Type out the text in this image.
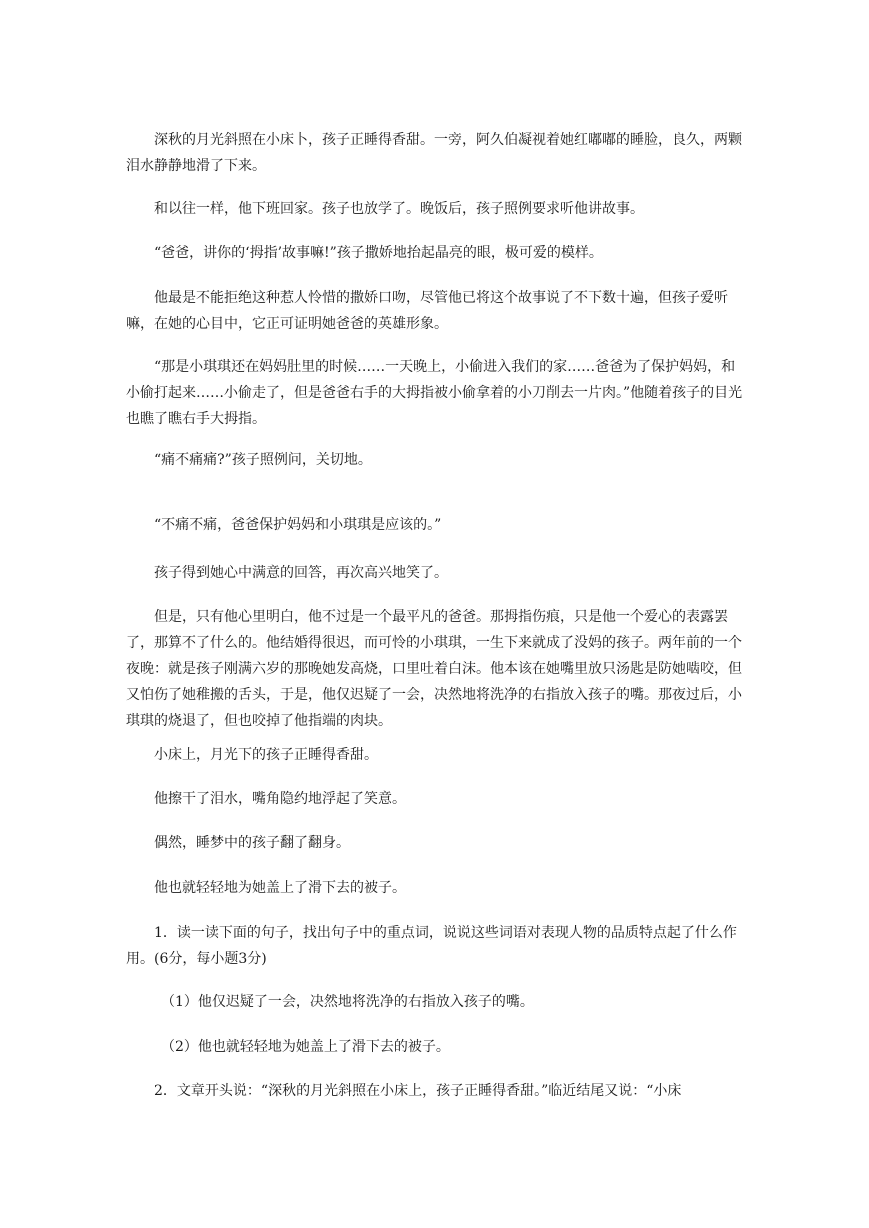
深秋的月光斜照在小床卜，孩子正睡得香甜。一旁，阿久伯凝视着她红嘟嘟的睡脸，良久，两颗泪水静静地滑了下来。

和以往一样，他下班回家。孩子也放学了。晚饭后，孩子照例要求听他讲故事。

“爸爸，讲你的‘拇指’故事嘛!”孩子撒娇地抬起晶亮的眼，极可爱的模样。

他最是不能拒绝这种惹人怜惜的撒娇口吻，尽管他已将这个故事说了不下数十遍，但孩子爱听嘛，在她的心目中，它正可证明她爸爸的英雄形象。

“那是小琪琪还在妈妈肚里的时候……一天晚上，小偷进入我们的家……爸爸为了保护妈妈，和小偷打起来……小偷走了，但是爸爸右手的大拇指被小偷拿着的小刀削去一片肉。”他随着孩子的目光也瞧了瞧右手大拇指。

“痛不痛痛?”孩子照例问，关切地。

“不痛不痛，爸爸保护妈妈和小琪琪是应该的。”

孩子得到她心中满意的回答，再次高兴地笑了。

但是，只有他心里明白，他不过是一个最平凡的爸爸。那拇指伤痕，只是他一个爱心的表露罢了，那算不了什么的。他结婚得很迟，而可怜的小琪琪，一生下来就成了没妈的孩子。两年前的一个夜晚：就是孩子刚满六岁的那晚她发高烧，口里吐着白沫。他本该在她嘴里放只汤匙是防她啮咬，但又怕伤了她稚搬的舌头，于是，他仅迟疑了一会，决然地将洗净的右指放入孩子的嘴。那夜过后，小琪琪的烧退了，但也咬掉了他指端的肉块。

小床上，月光下的孩子正睡得香甜。

他擦干了泪水，嘴角隐约地浮起了笑意。

偶然，睡梦中的孩子翻了翻身。

他也就轻轻地为她盖上了滑下去的被子。

1．读一读下面的句子，找出句子中的重点词，说说这些词语对表现人物的品质特点起了什么作用。(6分，每小题3分)

（1）他仅迟疑了一会，决然地将洗净的右指放入孩子的嘴。

（2）他也就轻轻地为她盖上了滑下去的被子。

2．文章开头说：“深秋的月光斜照在小床上，孩子正睡得香甜。”临近结尾又说：“小床
